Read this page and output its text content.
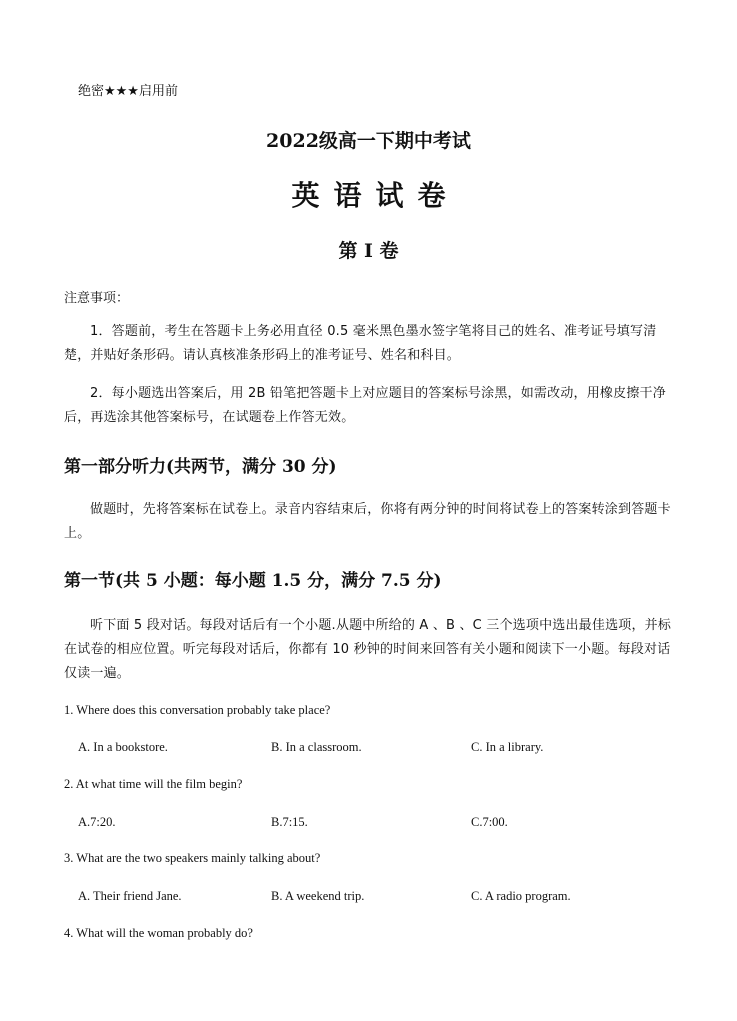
绝密★★★启用前
2022级高一下期中考试
英语试卷
第 I 卷
注意事项：
1．答题前，考生在答题卡上务必用直径 0.5 毫米黑色墨水签字笔将目己的姓名、准考证号填写清楚，并贴好条形码。请认真核准条形码上的准考证号、姓名和科目。
2．每小题选出答案后，用 2B 铅笔把答题卡上对应题目的答案标号涂黑，如需改动，用橡皮擦干净后，再选涂其他答案标号，在试题卷上作答无效。
第一部分听力(共两节，满分 30 分)
做题时，先将答案标在试卷上。录音内容结束后，你将有两分钟的时间将试卷上的答案转涂到答题卡上。
第一节(共 5 小题：每小题 1.5 分，满分 7.5 分)
听下面 5 段对话。每段对话后有一个小题.从题中所给的 A 、B 、C 三个选项中选出最佳选项，并标在试卷的相应位置。听完每段对话后，你都有 10 秒钟的时间来回答有关小题和阅读下一小题。每段对话仅读一遍。
1. Where does this conversation probably take place?
A. In a bookstore.	B. In a classroom.	C. In a library.
2. At what time will the film begin?
A.7:20.	B.7:15.	C.7:00.
3. What are the two speakers mainly talking about?
A. Their friend Jane.	B. A weekend trip.	C. A radio program.
4. What will the woman probably do?
